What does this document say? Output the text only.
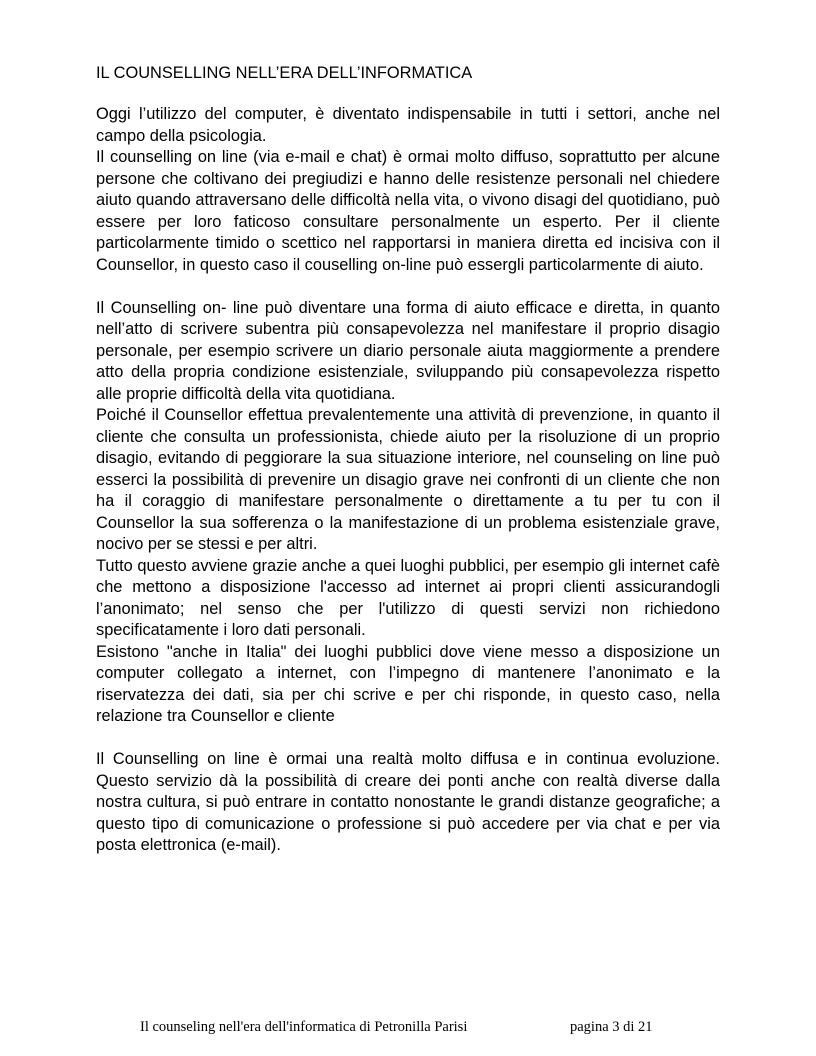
IL COUNSELLING NELL’ERA DELL’INFORMATICA

Oggi l’utilizzo del computer, è diventato indispensabile in tutti i settori, anche nel campo della psicologia.

Il counselling on line (via e-mail e chat) è ormai molto diffuso, soprattutto per alcune persone che coltivano dei pregiudizi e hanno delle resistenze personali nel chiedere aiuto quando attraversano delle difficoltà nella vita, o vivono disagi del quotidiano, può essere per loro faticoso consultare personalmente un esperto. Per il cliente particolarmente timido o scettico nel rapportarsi in maniera diretta ed incisiva con il Counsellor, in questo caso il couselling on-line può essergli particolarmente di aiuto.

Il Counselling on- line può diventare una forma di aiuto efficace e diretta, in quanto nell’atto di scrivere subentra più consapevolezza nel manifestare il proprio disagio personale, per esempio scrivere un diario personale aiuta maggiormente a prendere atto della propria condizione esistenziale, sviluppando più consapevolezza rispetto alle proprie difficoltà della vita quotidiana.

Poiché il Counsellor effettua prevalentemente una attività di prevenzione, in quanto il cliente che consulta un professionista, chiede aiuto per la risoluzione di un proprio disagio, evitando di peggiorare la sua situazione interiore, nel counseling on line può esserci la possibilità di prevenire un disagio grave nei confronti di un cliente che non ha il coraggio di manifestare personalmente o direttamente a tu per tu con il Counsellor la sua sofferenza o la manifestazione di un problema esistenziale grave, nocivo per se stessi e per altri.

Tutto questo avviene grazie anche a quei luoghi pubblici, per esempio gli internet cafè che mettono a disposizione l'accesso ad internet ai propri clienti assicurandogli l’anonimato; nel senso che per l'utilizzo di questi servizi non richiedono specificatamente i loro dati personali.

Esistono "anche in Italia" dei luoghi pubblici dove viene messo a disposizione un computer collegato a internet, con l’impegno di mantenere l’anonimato e la riservatezza dei dati, sia per chi scrive e per chi risponde, in questo caso, nella relazione tra Counsellor e cliente

Il Counselling on line è ormai una realtà molto diffusa e in continua evoluzione. Questo servizio dà la possibilità di creare dei ponti anche con realtà diverse dalla nostra cultura, si può entrare in contatto nonostante le grandi distanze geografiche; a questo tipo di comunicazione o professione si può accedere per via chat e per via posta elettronica (e-mail).

Il counseling nell'era dell'informatica di Petronilla Parisi	pagina 3 di 21
